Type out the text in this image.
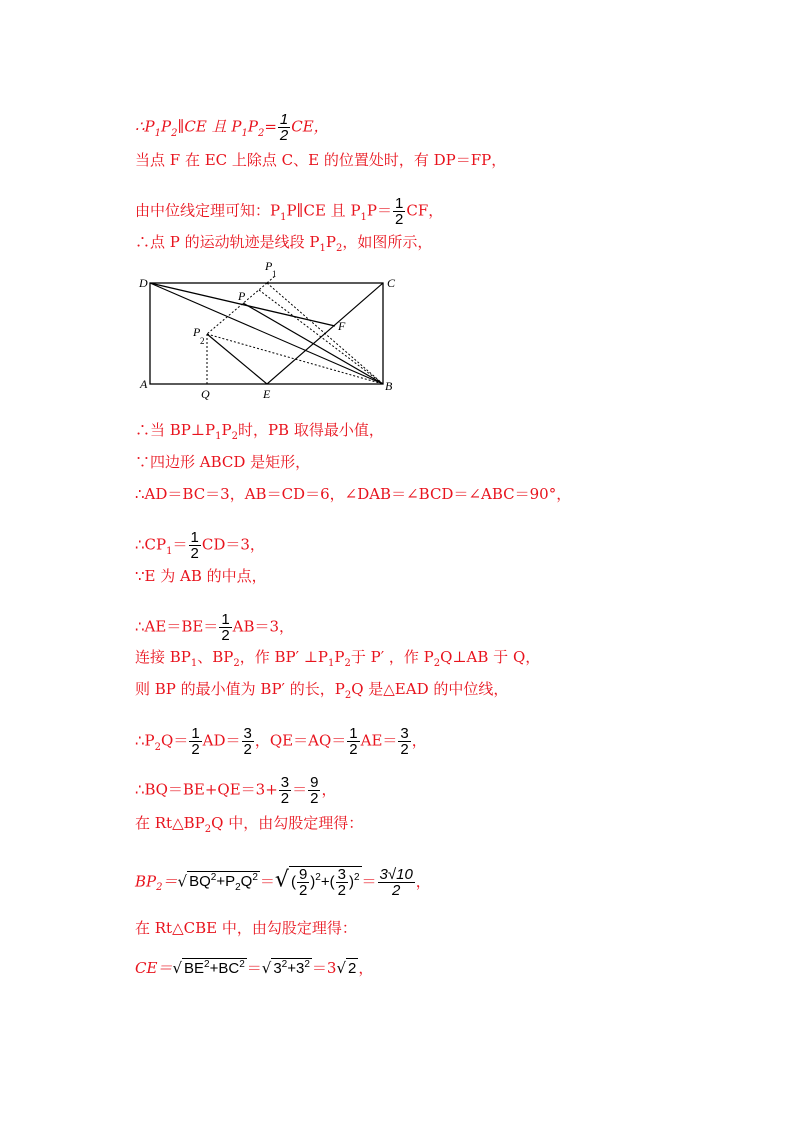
$\therefore P_1P_2\parallel CE$ 且 $P_1P_2= \frac{1}{2}$ CE，
当点 F 在 EC 上除点 C、E 的位置处时，有 DP＝FP，
由中位线定理可知：$P_1P\parallel CE$ 且 $P_1P= \frac{1}{2}$ CF，
∴点 P 的运动轨迹是线段 $P_1P_2$，如图所示，
D	C
A	B
P
1
P
F
P
2
Q	E
∴当 $BP\perp P_1P_2$时，PB 取得最小值，
∵四边形 ABCD 是矩形，
∴AD＝BC＝3，AB＝CD＝6，∠DAB＝∠BCD＝∠ABC＝90°，
$\therefore CP_1= \frac{1}{2} CD=3$，
∵E 为 AB 的中点，
∴AE＝BE＝ $\frac{1}{2} AB=3$，
连接 $BP_1$、$BP_2$，作 BP′ $\perp P_1P_2$于 P′ ，作 $P_2Q\perp AB$ 于 Q，
则 BP 的最小值为 BP′ 的长，$P_2Q$ 是△EAD 的中位线，
$\therefore P_2Q= \frac{1}{2} AD= \frac{3}{2}$ ，$QE=AQ= \frac{1}{2} AE= \frac{3}{2}$ ，
∴BQ＝BE+QE＝3+ $\frac{3}{2} = \frac{9}{2}$ ，
在 $Rt\triangle BP_2Q$ 中，由勾股定理得：
$BP_2=√$ $BQ^2+P_2Q^2$ ＝√ ( $\frac{9}{2} )^2+( \frac{3}{2} )^2 = \frac{3√10}{2}$ ，
在 Rt△CBE 中，由勾股定理得：
CE＝√ $BE^2+BC^2$ ＝√ $3^2+3^2 =3√$ 2 ，
